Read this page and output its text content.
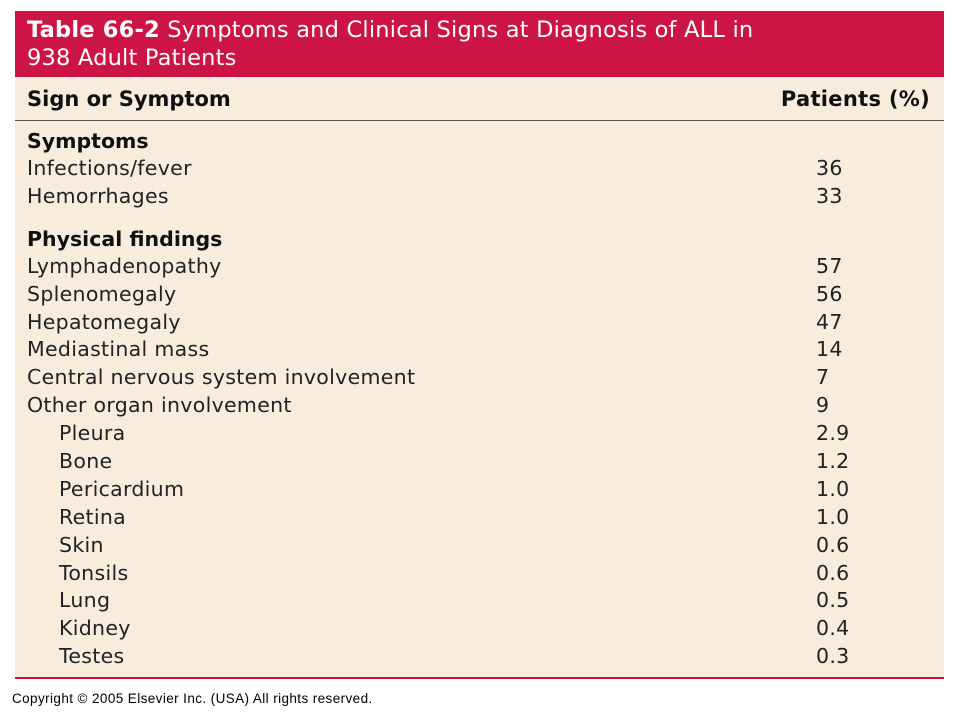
Table 66-2 Symptoms and Clinical Signs at Diagnosis of ALL in
938 Adult Patients
Sign or Symptom	Patients (%)
Symptoms
Infections/fever	36
Hemorrhages	33
Physical findings
Lymphadenopathy	57
Splenomegaly	56
Hepatomegaly	47
Mediastinal mass	14
Central nervous system involvement	7
Other organ involvement	9
Pleura	2.9
Bone	1.2
Pericardium	1.0
Retina	1.0
Skin	0.6
Tonsils	0.6
Lung	0.5
Kidney	0.4
Testes	0.3
Copyright © 2005 Elsevier Inc. (USA) All rights reserved.
